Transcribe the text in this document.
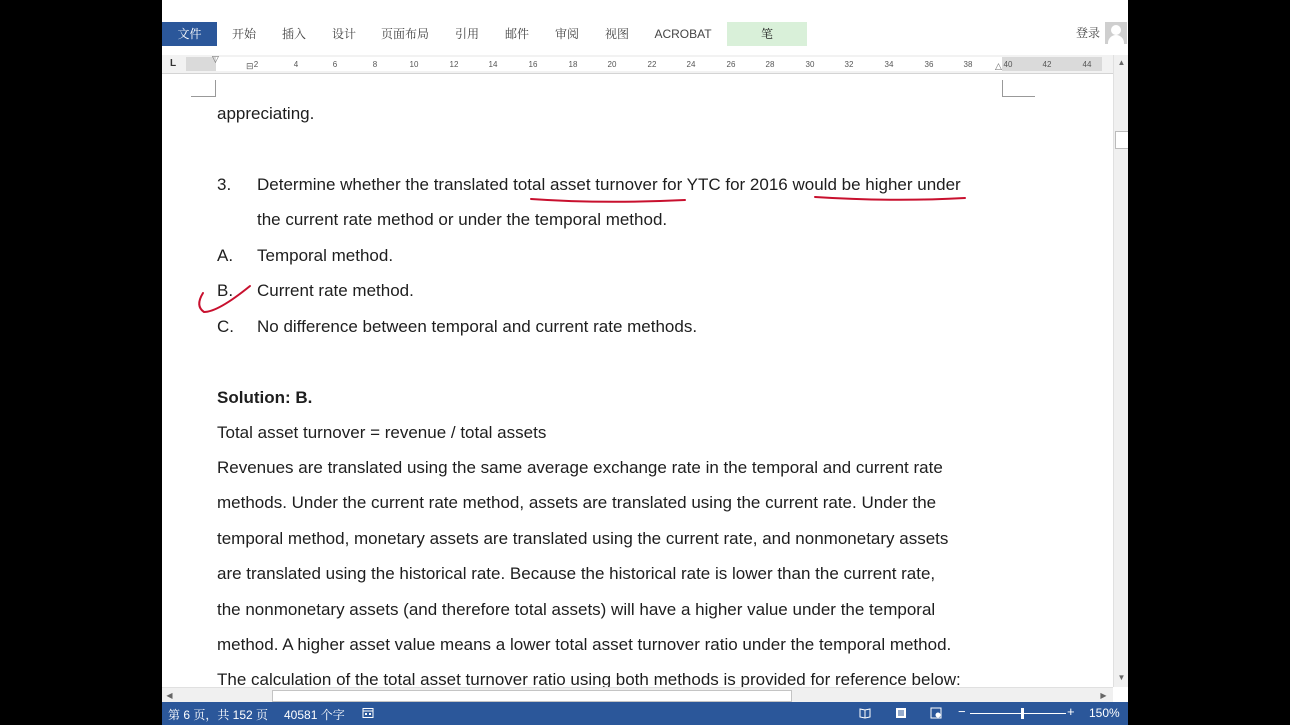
文件	开始	插入	设计	页面布局	引用	邮件	审阅	视图	ACROBAT	笔	登录
L	▽
⊟	△
2	4	6	8	10	12	14	16	18	20	22	24	26	28	30	32	34	36	38	40	42	44
appreciating.
3. Determine whether the translated total asset turnover for YTC for 2016 would be higher under
the current rate method or under the temporal method.
A. Temporal method.
B. Current rate method.
C. No difference between temporal and current rate methods.
Solution: B.
Total asset turnover = revenue / total assets
Revenues are translated using the same average exchange rate in the temporal and current rate
methods. Under the current rate method, assets are translated using the current rate. Under the
temporal method, monetary assets are translated using the current rate, and nonmonetary assets
are translated using the historical rate. Because the historical rate is lower than the current rate,
the nonmonetary assets (and therefore total assets) will have a higher value under the temporal
method. A higher asset value means a lower total asset turnover ratio under the temporal method.
The calculation of the total asset turnover ratio using both methods is provided for reference below:
▲
▼
◀	▶
第 6 页，共 152 页 40581 个字	−	+ 150%
